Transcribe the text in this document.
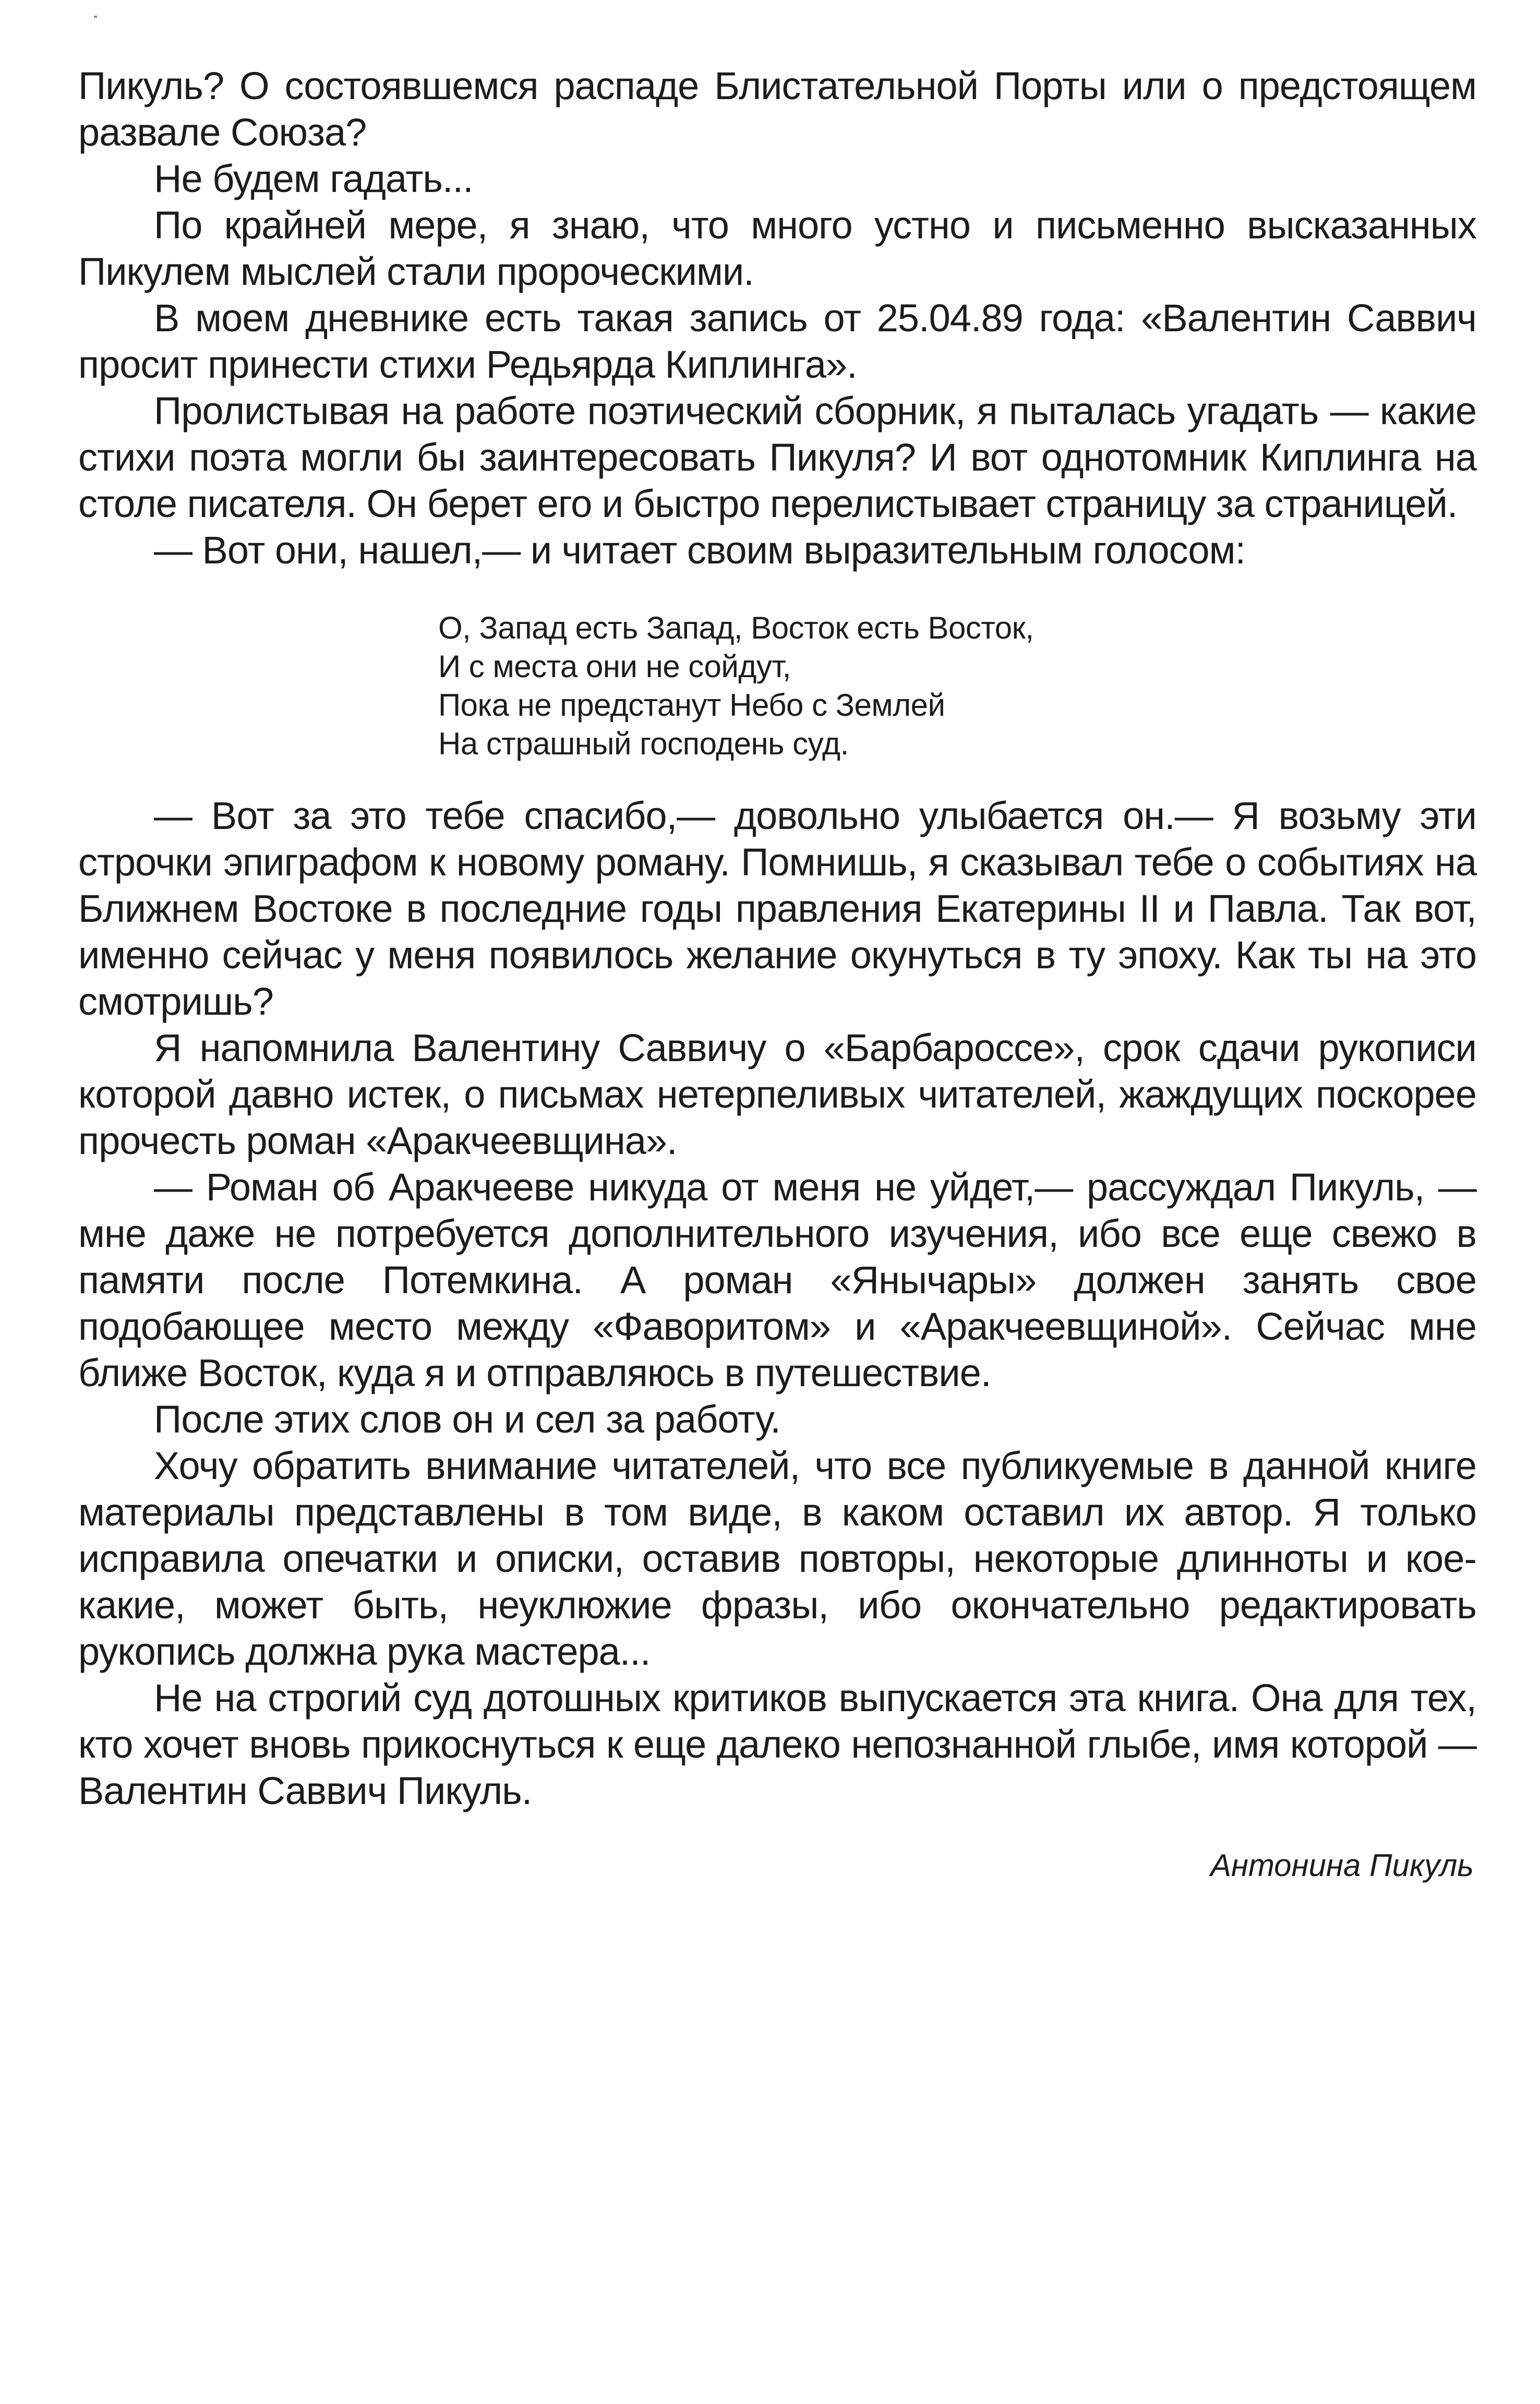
Пикуль? О состоявшемся распаде Блистательной Порты или о предстоящем развале Союза?

Не будем гадать...

По крайней мере, я знаю, что много устно и письменно высказанных Пикулем мыслей стали пророческими.

В моем дневнике есть такая запись от 25.04.89 года: «Валентин Саввич просит принести стихи Редьярда Киплинга».

Пролистывая на работе поэтический сборник, я пыталась угадать — какие стихи поэта могли бы заинтересовать Пикуля? И вот однотомник Киплинга на столе писателя. Он берет его и быстро перелистывает страницу за страницей.

— Вот они, нашел,— и читает своим выразительным голосом:

О, Запад есть Запад, Восток есть Восток,
И с места они не сойдут,
Пока не предстанут Небо с Землей
На страшный господень суд.

— Вот за это тебе спасибо,— довольно улыбается он.— Я возьму эти строчки эпиграфом к новому роману. Помнишь, я сказывал тебе о событиях на Ближнем Востоке в последние годы правления Екатерины II и Павла. Так вот, именно сейчас у меня появилось желание окунуться в ту эпоху. Как ты на это смотришь?

Я напомнила Валентину Саввичу о «Барбароссе», срок сдачи рукописи которой давно истек, о письмах нетерпеливых читателей, жаждущих поскорее прочесть роман «Аракчеевщина».

— Роман об Аракчееве никуда от меня не уйдет,— рассуждал Пикуль, — мне даже не потребуется дополнительного изучения, ибо все еще свежо в памяти после Потемкина. А роман «Янычары» должен занять свое подобающее место между «Фаворитом» и «Аракчеевщиной». Сейчас мне ближе Восток, куда я и отправляюсь в путешествие.

После этих слов он и сел за работу.

Хочу обратить внимание читателей, что все публикуемые в данной книге материалы представлены в том виде, в каком оставил их автор. Я только исправила опечатки и описки, оставив повторы, некоторые длинноты и кое-какие, может быть, неуклюжие фразы, ибо окончательно редактировать рукопись должна рука мастера...

Не на строгий суд дотошных критиков выпускается эта книга. Она для тех, кто хочет вновь прикоснуться к еще далеко непознанной глыбе, имя которой — Валентин Саввич Пикуль.

Антонина Пикуль
